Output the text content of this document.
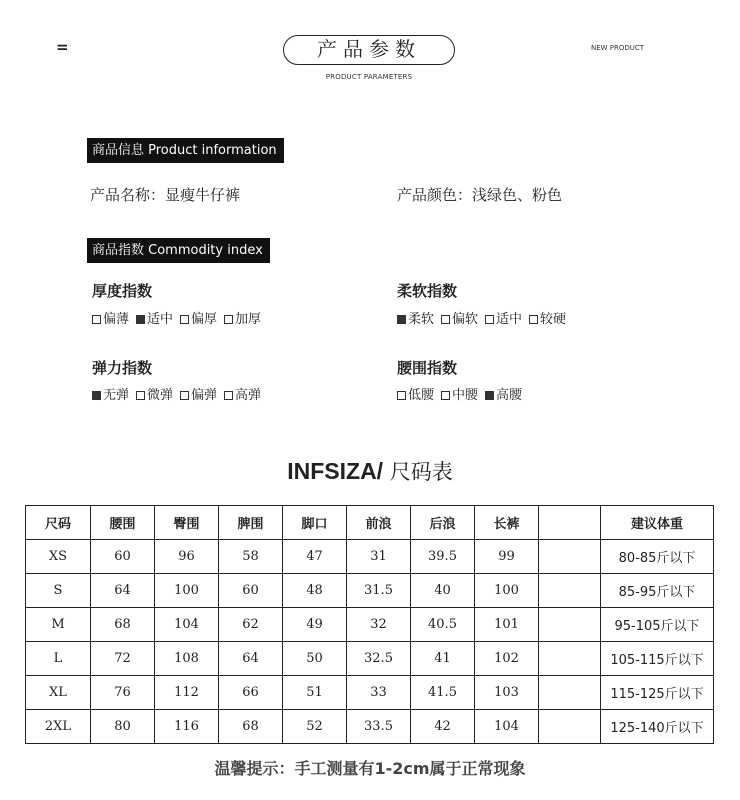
=	产品参数
PRODUCT PARAMETERS
NEW PRODUCT
商品信息 Product information
产品名称：显瘦牛仔裤	产品颜色：浅绿色、粉色
商品指数 Commodity index
厚度指数
偏薄 适中 偏厚 加厚
柔软指数
柔软 偏软 适中 较硬
弹力指数
无弹 微弹 偏弹 高弹
腰围指数
低腰 中腰 高腰
INFSIZA/ 尺码表
尺码	腰围	臀围	脾围	脚口	前浪	后浪	长裤		建议体重
XS	60	96	58	47	31	39.5	99		80-85斤以下
S	64	100	60	48	31.5	40	100		85-95斤以下
M	68	104	62	49	32	40.5	101		95-105斤以下
L	72	108	64	50	32.5	41	102		105-115斤以下
XL	76	112	66	51	33	41.5	103		115-125斤以下
2XL	80	116	68	52	33.5	42	104		125-140斤以下
温馨提示：手工测量有1-2cm属于正常现象
